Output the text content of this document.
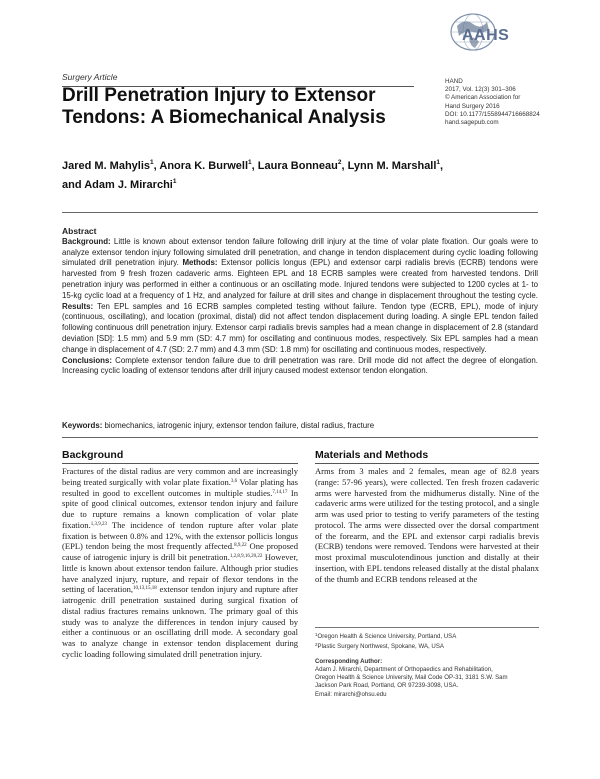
AAHS
Surgery Article	HAND
2017, Vol. 12(3) 301–306
© American Association for
Hand Surgery 2016
DOI: 10.1177/1558944716668824
hand.sagepub.com
Drill Penetration Injury to Extensor Tendons: A Biomechanical Analysis
Jared M. Mahylis$^1$, Anora K. Burwell$^1$, Laura Bonneau$^2$, Lynn M. Marshall$^1$,
and Adam J. Mirarchi$^1$
Abstract

Background: Little is known about extensor tendon failure following drill injury at the time of volar plate fixation. Our goals were to analyze extensor tendon injury following simulated drill penetration, and change in tendon displacement during cyclic loading following simulated drill penetration injury. Methods: Extensor pollicis longus (EPL) and extensor carpi radialis brevis (ECRB) tendons were harvested from 9 fresh frozen cadaveric arms. Eighteen EPL and 18 ECRB samples were created from harvested tendons. Drill penetration injury was performed in either a continuous or an oscillating mode. Injured tendons were subjected to 1200 cycles at 1- to 15-kg cyclic load at a frequency of 1 Hz, and analyzed for failure at drill sites and change in displacement throughout the testing cycle. Results: Ten EPL samples and 16 ECRB samples completed testing without failure. Tendon type (ECRB, EPL), mode of injury (continuous, oscillating), and location (proximal, distal) did not affect tendon displacement during loading. A single EPL tendon failed following continuous drill penetration injury. Extensor carpi radialis brevis samples had a mean change in displacement of 2.8 (standard deviation [SD]: 1.5 mm) and 5.9 mm (SD: 4.7 mm) for oscillating and continuous modes, respectively. Six EPL samples had a mean change in displacement of 4.7 (SD: 2.7 mm) and 4.3 mm (SD: 1.8 mm) for oscillating and continuous modes, respectively.
Conclusions: Complete extensor tendon failure due to drill penetration was rare. Drill mode did not affect the degree of elongation. Increasing cyclic loading of extensor tendons after drill injury caused modest extensor tendon elongation.

Keywords: biomechanics, iatrogenic injury, extensor tendon failure, distal radius, fracture
Background
Fractures of the distal radius are very common and are increasingly being treated surgically with volar plate fixation.$^{3,6}$ Volar plating has resulted in good to excellent outcomes in multiple studies.$^{7,14,17}$ In spite of good clinical outcomes, extensor tendon injury and failure due to rupture remains a known complication of volar plate fixation.$^{1,3,9,23}$ The incidence of tendon rupture after volar plate fixation is between 0.8% and 12%, with the extensor pollicis longus (EPL) tendon being the most frequently affected.$^{8,9,22}$ One proposed cause of iatrogenic injury is drill bit penetration.$^{1,2,8,9,16,20,22}$ However, little is known about extensor tendon failure. Although prior studies have analyzed injury, rupture, and repair of flexor tendons in the setting of laceration,$^{10,13,15,18}$ extensor tendon injury and rupture after iatrogenic drill penetration sustained during surgical fixation of distal radius fractures remains unknown. The primary goal of this study was to analyze the differences in tendon injury caused by either a continuous or an oscillating drill mode. A secondary goal was to analyze change in extensor tendon displacement during cyclic loading following simulated drill penetration injury.
Materials and Methods
Arms from 3 males and 2 females, mean age of 82.8 years (range: 57-96 years), were collected. Ten fresh frozen cadaveric arms were harvested from the midhumerus distally. Nine of the cadaveric arms were utilized for the testing protocol, and a single arm was used prior to testing to verify parameters of the testing protocol. The arms were dissected over the dorsal compartment of the forearm, and the EPL and extensor carpi radialis brevis (ECRB) tendons were removed. Tendons were harvested at their most proximal musculotendinous junction and distally at their insertion, with EPL tendons released distally at the distal phalanx of the thumb and ECRB tendons released at the
$^1$Oregon Health & Science University, Portland, USA
$^2$Plastic Surgery Northwest, Spokane, WA, USA
Corresponding Author:
Adam J. Mirarchi, Department of Orthopaedics and Rehabilitation,
Oregon Health & Science University, Mail Code OP-31, 3181 S.W. Sam
Jackson Park Road, Portland, OR 97239-3098, USA.
Email: mirarchi@ohsu.edu
